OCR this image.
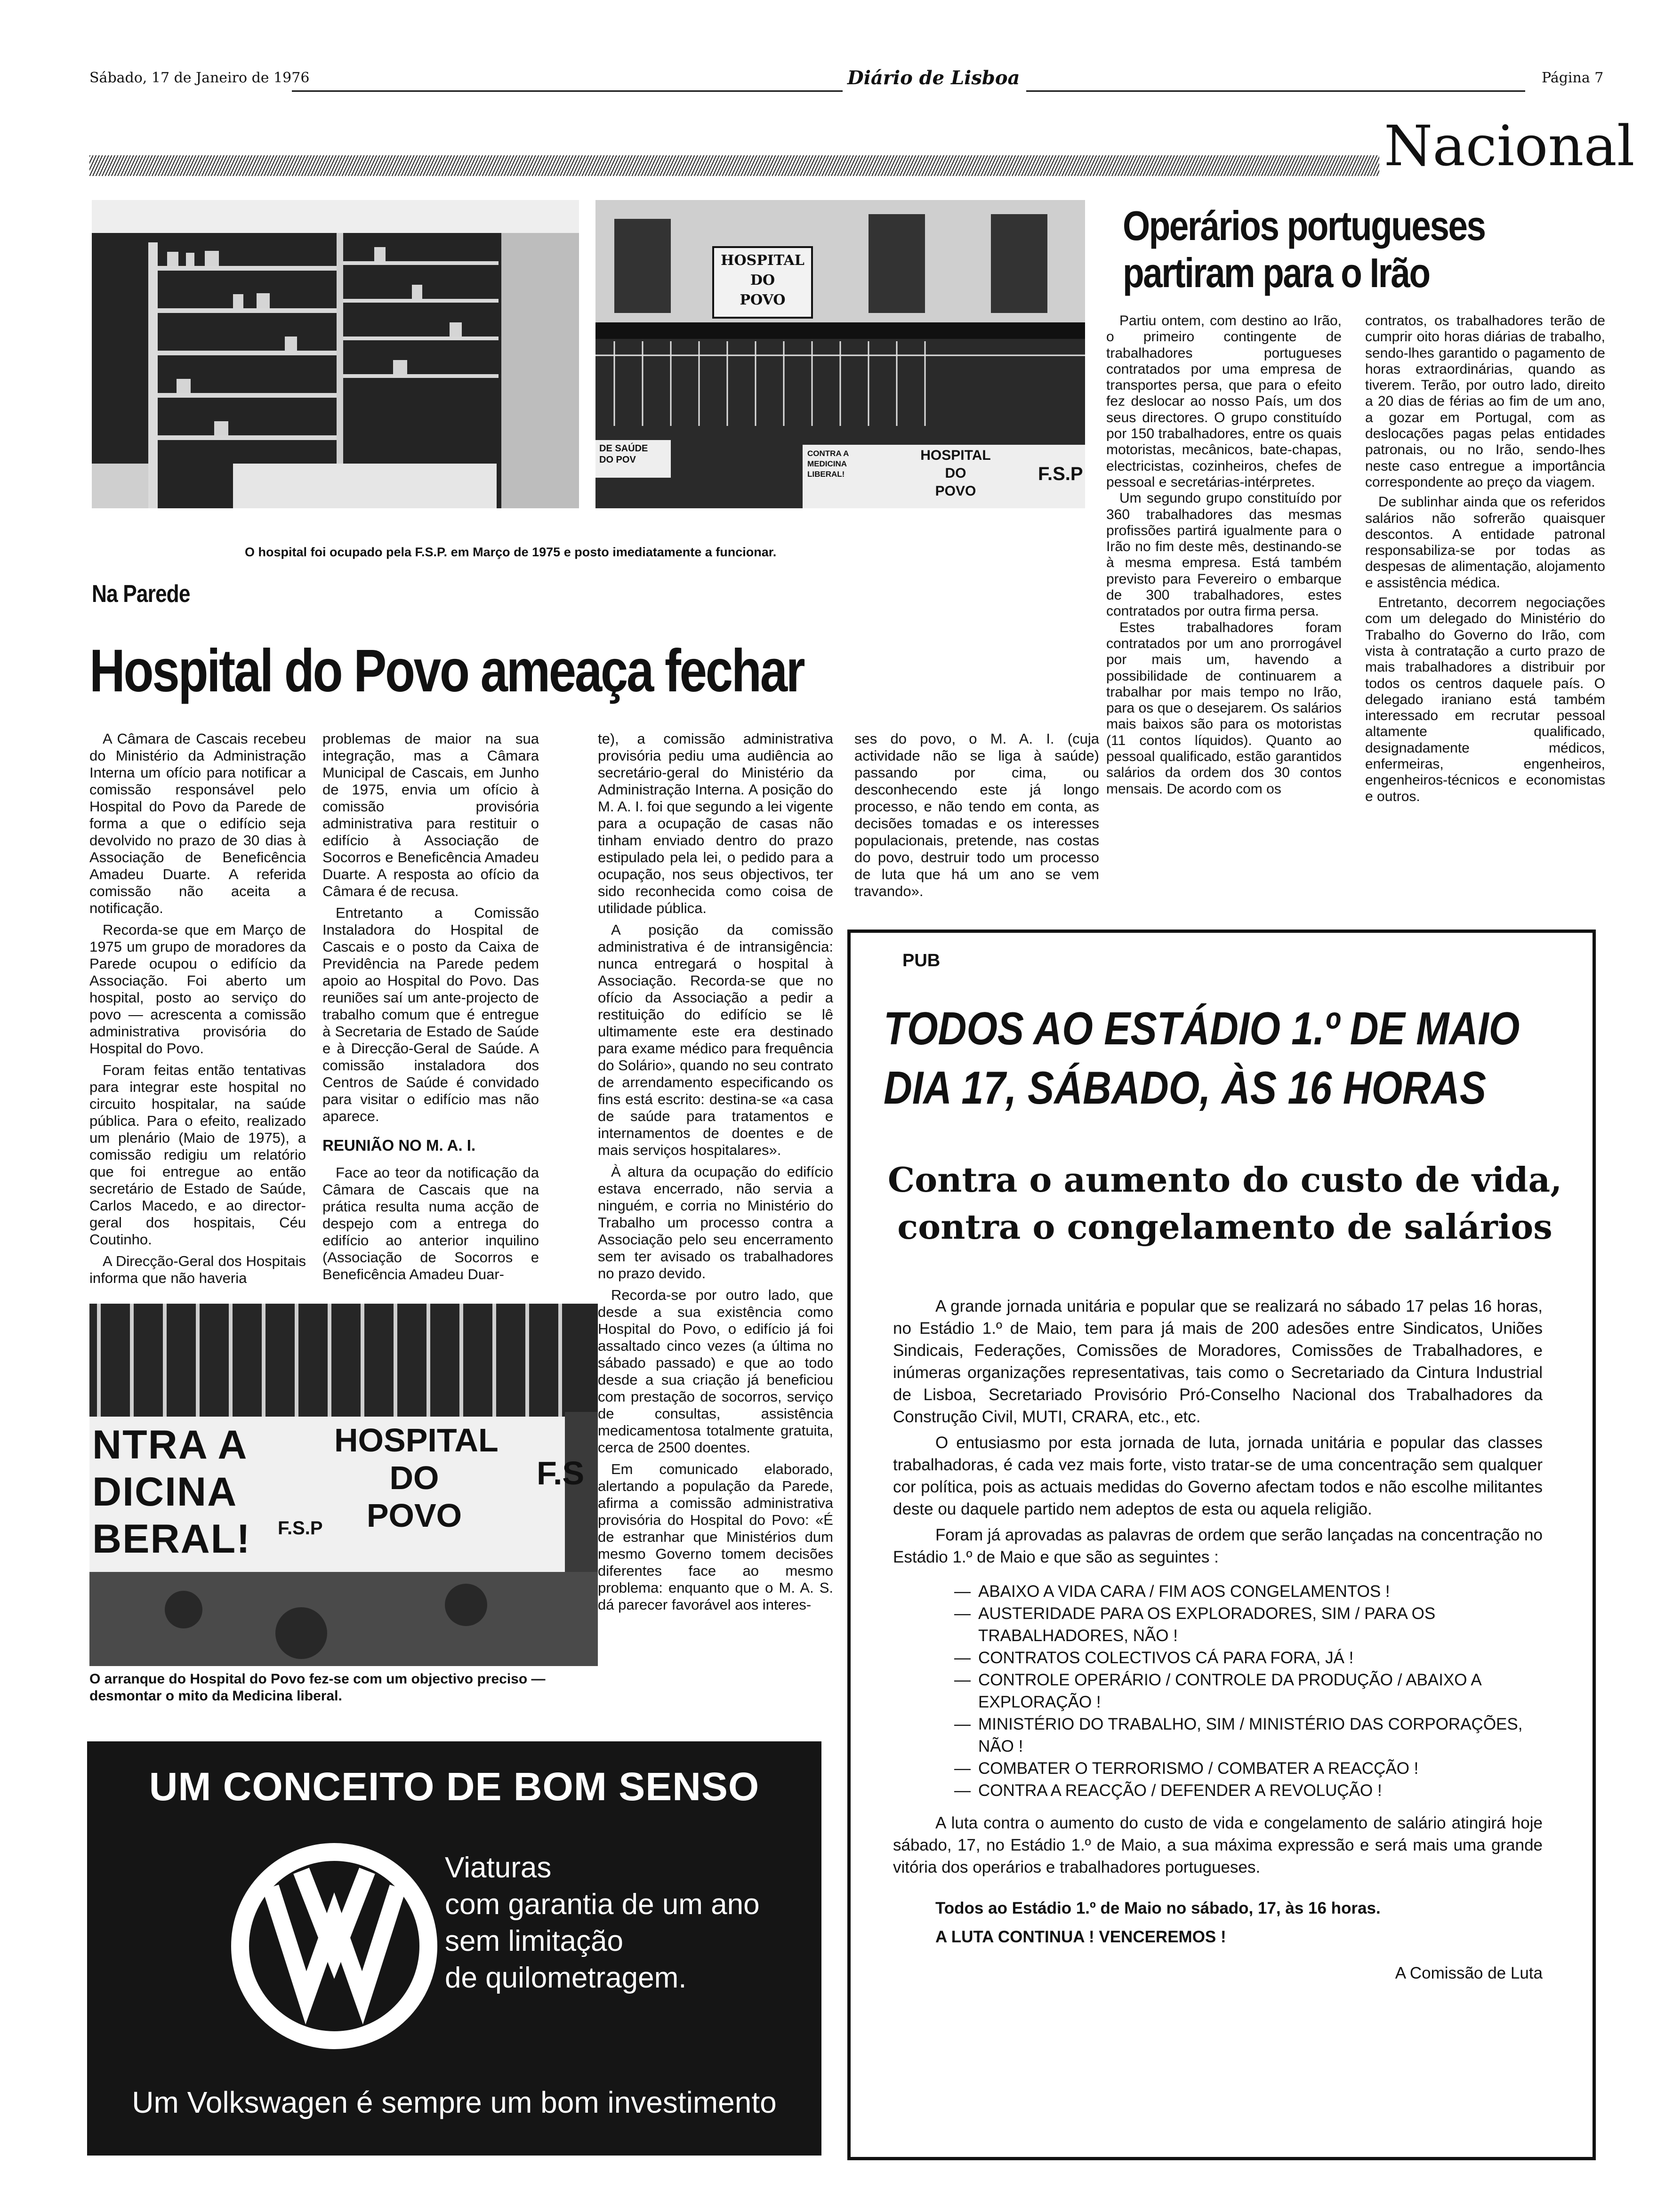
Sábado, 17 de Janeiro de 1976	Diário de Lisboa	Página 7
Nacional
HOSPITAL
DO
POVO
DE SAÚDE
DO POV
CONTRA A
MEDICINA
LIBERAL!
HOSPITAL
DO
POVO
F.S.P
O hospital foi ocupado pela F.S.P. em Março de 1975 e posto imediatamente a funcionar.
Na Parede
Hospital do Povo ameaça fechar

A Câmara de Cascais recebeu do Ministério da Administração Interna um ofício para notificar a comissão responsável pelo Hospital do Povo da Parede de forma a que o edifício seja devolvido no prazo de 30 dias à Associação de Beneficência Amadeu Duarte. A referida comissão não aceita a notificação.

Recorda-se que em Março de 1975 um grupo de moradores da Parede ocupou o edifício da Associação. Foi aberto um hospital, posto ao serviço do povo — acrescenta a comissão administrativa provisória do Hospital do Povo.

Foram feitas então tentativas para integrar este hospital no circuito hospitalar, na saúde pública. Para o efeito, realizado um plenário (Maio de 1975), a comissão redigiu um relatório que foi entregue ao então secretário de Estado de Saúde, Carlos Macedo, e ao director-geral dos hospitais, Céu Coutinho.

A Direcção-Geral dos Hospitais informa que não haveria

problemas de maior na sua integração, mas a Câmara Municipal de Cascais, em Junho de 1975, envia um ofício à comissão provisória administrativa para restituir o edifício à Associação de Socorros e Beneficência Amadeu Duarte. A resposta ao ofício da Câmara é de recusa.

Entretanto a Comissão Instaladora do Hospital de Cascais e o posto da Caixa de Previdência na Parede pedem apoio ao Hospital do Povo. Das reuniões saí um ante-projecto de trabalho comum que é entregue à Secretaria de Estado de Saúde e à Direcção-Geral de Saúde. A comissão instaladora dos Centros de Saúde é convidado para visitar o edifício mas não aparece.

REUNIÃO NO M. A. I.

Face ao teor da notificação da Câmara de Cascais que na prática resulta numa acção de despejo com a entrega do edifício ao anterior inquilino (Associação de Socorros e Beneficência Amadeu Duar-

te), a comissão administrativa provisória pediu uma audiência ao secretário-geral do Ministério da Administração Interna. A posição do M. A. I. foi que segundo a lei vigente para a ocupação de casas não tinham enviado dentro do prazo estipulado pela lei, o pedido para a ocupação, nos seus objectivos, ter sido reconhecida como coisa de utilidade pública.

A posição da comissão administrativa é de intransigência: nunca entregará o hospital à Associação. Recorda-se que no ofício da Associação a pedir a restituição do edifício se lê ultimamente este era destinado para exame médico para frequência do Solário», quando no seu contrato de arrendamento especificando os fins está escrito: destina-se «a casa de saúde para tratamentos e internamentos de doentes e de mais serviços hospitalares».

À altura da ocupação do edifício estava encerrado, não servia a ninguém, e corria no Ministério do Trabalho um processo contra a Associação pelo seu encerramento sem ter avisado os trabalhadores no prazo devido.

Recorda-se por outro lado, que desde a sua existência como Hospital do Povo, o edifício já foi assaltado cinco vezes (a última no sábado passado) e que ao todo desde a sua criação já beneficiou com prestação de socorros, serviço de consultas, assistência medicamentosa totalmente gratuita, cerca de 2500 doentes.

Em comunicado elaborado, alertando a população da Parede, afirma a comissão administrativa provisória do Hospital do Povo: «É de estranhar que Ministérios dum mesmo Governo tomem decisões diferentes face ao mesmo problema: enquanto que o M. A. S. dá parecer favorável aos interes-

ses do povo, o M. A. I. (cuja actividade não se liga à saúde) passando por cima, ou desconhecendo este já longo processo, e não tendo em conta, as decisões tomadas e os interesses populacionais, pretende, nas costas do povo, destruir todo um processo de luta que há um ano se vem travando».

NTRA A
DICINA
BERAL!
HOSPITAL
DO
POVO
F.S.P
F.S
O arranque do Hospital do Povo fez-se com um objectivo preciso — desmontar o mito da Medicina liberal.
UM CONCEITO DE BOM SENSO
Viaturas
com garantia de um ano
sem limitação
de quilometragem.
Um Volkswagen é sempre um bom investimento
Operários portugueses
partiram para o Irão

Partiu ontem, com destino ao Irão, o primeiro contingente de trabalhadores portugueses contratados por uma empresa de transportes persa, que para o efeito fez deslocar ao nosso País, um dos seus directores. O grupo constituído por 150 trabalhadores, entre os quais motoristas, mecânicos, bate-chapas, electricistas, cozinheiros, chefes de pessoal e secretárias-intérpretes.

Um segundo grupo constituído por 360 trabalhadores das mesmas profissões partirá igualmente para o Irão no fim deste mês, destinando-se à mesma empresa. Está também previsto para Fevereiro o embarque de 300 trabalhadores, estes contratados por outra firma persa.

Estes trabalhadores foram contratados por um ano prorrogável por mais um, havendo a possibilidade de continuarem a trabalhar por mais tempo no Irão, para os que o desejarem. Os salários mais baixos são para os motoristas (11 contos líquidos). Quanto ao pessoal qualificado, estão garantidos salários da ordem dos 30 contos mensais. De acordo com os

contratos, os trabalhadores terão de cumprir oito horas diárias de trabalho, sendo-lhes garantido o pagamento de horas extraordinárias, quando as tiverem. Terão, por outro lado, direito a 20 dias de férias ao fim de um ano, a gozar em Portugal, com as deslocações pagas pelas entidades patronais, ou no Irão, sendo-lhes neste caso entregue a importância correspondente ao preço da viagem.

De sublinhar ainda que os referidos salários não sofrerão quaisquer descontos. A entidade patronal responsabiliza-se por todas as despesas de alimentação, alojamento e assistência médica.

Entretanto, decorrem negociações com um delegado do Ministério do Trabalho do Governo do Irão, com vista à contratação a curto prazo de mais trabalhadores a distribuir por todos os centros daquele país. O delegado iraniano está também interessado em recrutar pessoal altamente qualificado, designadamente médicos, enfermeiras, engenheiros, engenheiros-técnicos e economistas e outros.

PUB
TODOS AO ESTÁDIO 1.º DE MAIO
DIA 17, SÁBADO, ÀS 16 HORAS
Contra o aumento do custo de vida,
contra o congelamento de salários

A grande jornada unitária e popular que se realizará no sábado 17 pelas 16 horas, no Estádio 1.º de Maio, tem para já mais de 200 adesões entre Sindicatos, Uniões Sindicais, Federações, Comissões de Moradores, Comissões de Trabalhadores, e inúmeras organizações representativas, tais como o Secretariado da Cintura Industrial de Lisboa, Secretariado Provisório Pró-Conselho Nacional dos Trabalhadores da Construção Civil, MUTI, CRARA, etc., etc.

O entusiasmo por esta jornada de luta, jornada unitária e popular das classes trabalhadoras, é cada vez mais forte, visto tratar-se de uma concentração sem qualquer cor política, pois as actuais medidas do Governo afectam todos e não escolhe militantes deste ou daquele partido nem adeptos de esta ou aquela religião.

Foram já aprovadas as palavras de ordem que serão lançadas na concentração no Estádio 1.º de Maio e que são as seguintes :

— ABAIXO A VIDA CARA / FIM AOS CONGELAMENTOS !
— AUSTERIDADE PARA OS EXPLORADORES, SIM / PARA OS TRABALHADORES, NÃO !
— CONTRATOS COLECTIVOS CÁ PARA FORA, JÁ !
— CONTROLE OPERÁRIO / CONTROLE DA PRODUÇÃO / ABAIXO A EXPLORAÇÃO !
— MINISTÉRIO DO TRABALHO, SIM / MINISTÉRIO DAS CORPORAÇÕES, NÃO !
— COMBATER O TERRORISMO / COMBATER A REACÇÃO !
— CONTRA A REACÇÃO / DEFENDER A REVOLUÇÃO !

A luta contra o aumento do custo de vida e congelamento de salário atingirá hoje sábado, 17, no Estádio 1.º de Maio, a sua máxima expressão e será mais uma grande vitória dos operários e trabalhadores portugueses.

Todos ao Estádio 1.º de Maio no sábado, 17, às 16 horas.

A LUTA CONTINUA ! VENCEREMOS !

A Comissão de Luta
